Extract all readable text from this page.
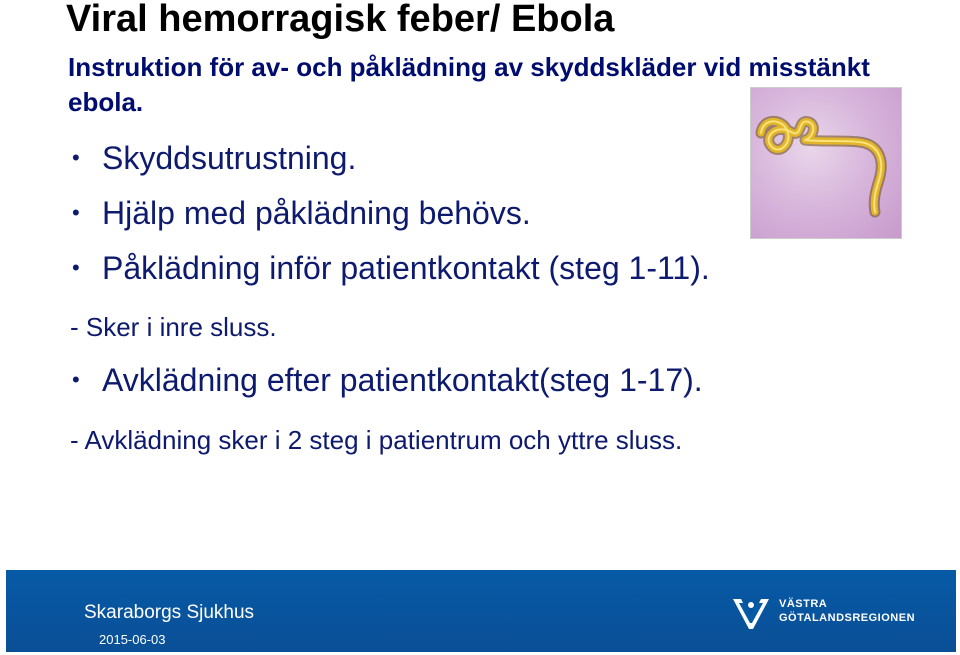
Viral hemorragisk feber/ Ebola
Instruktion för av- och påklädning av skyddskläder vid misstänkt ebola.
• Skyddsutrustning.
• Hjälp med påklädning behövs.
• Påklädning inför patientkontakt (steg 1-11).
- Sker i inre sluss.
• Avklädning efter patientkontakt(steg 1-17).
- Avklädning sker i 2 steg i patientrum och yttre sluss.
Skaraborgs Sjukhus
2015-06-03
VÄSTRA
GÖTALANDSREGIONEN
